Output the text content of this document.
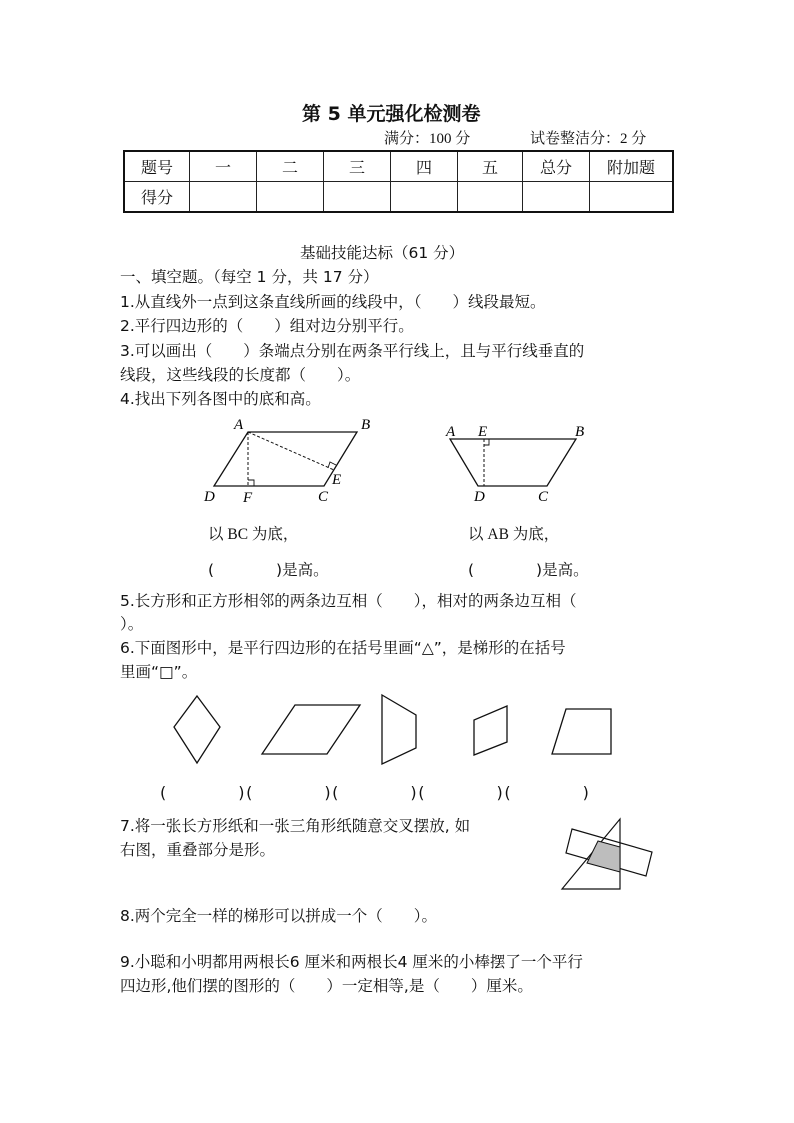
第 5 单元强化检测卷
满分：100 分	试卷整洁分：2 分
题号	一	二	三	四	五	总分	附加题
得分							
基础技能达标（61 分）
一、填空题。（每空 1 分，共 17 分）
1.从直线外一点到这条直线所画的线段中，（　　）线段最短。
2.平行四边形的（　　）组对边分别平行。
3.可以画出（　　）条端点分别在两条平行线上，且与平行线垂直的
线段，这些线段的长度都（　　）。
4.找出下列各图中的底和高。
A	B
C
D
E
F
A E	B
C
D
以 BC 为底，	以 AB 为底，
(　　　　)是高。	(　　　　)是高。
5.长方形和正方形相邻的两条边互相（　　），相对的两条边互相（
）。
6.下面图形中，是平行四边形的在括号里画“△”，是梯形的在括号
里画“□”。
(　　　　)(　　　　)(　　　　)(　　　　)(　　　　)
7.将一张长方形纸和一张三角形纸随意交叉摆放, 如
右图，重叠部分是形。
8.两个完全一样的梯形可以拼成一个（　　）。
9.小聪和小明都用两根长6 厘米和两根长4 厘米的小棒摆了一个平行
四边形,他们摆的图形的（　　）一定相等,是（　　）厘米。
